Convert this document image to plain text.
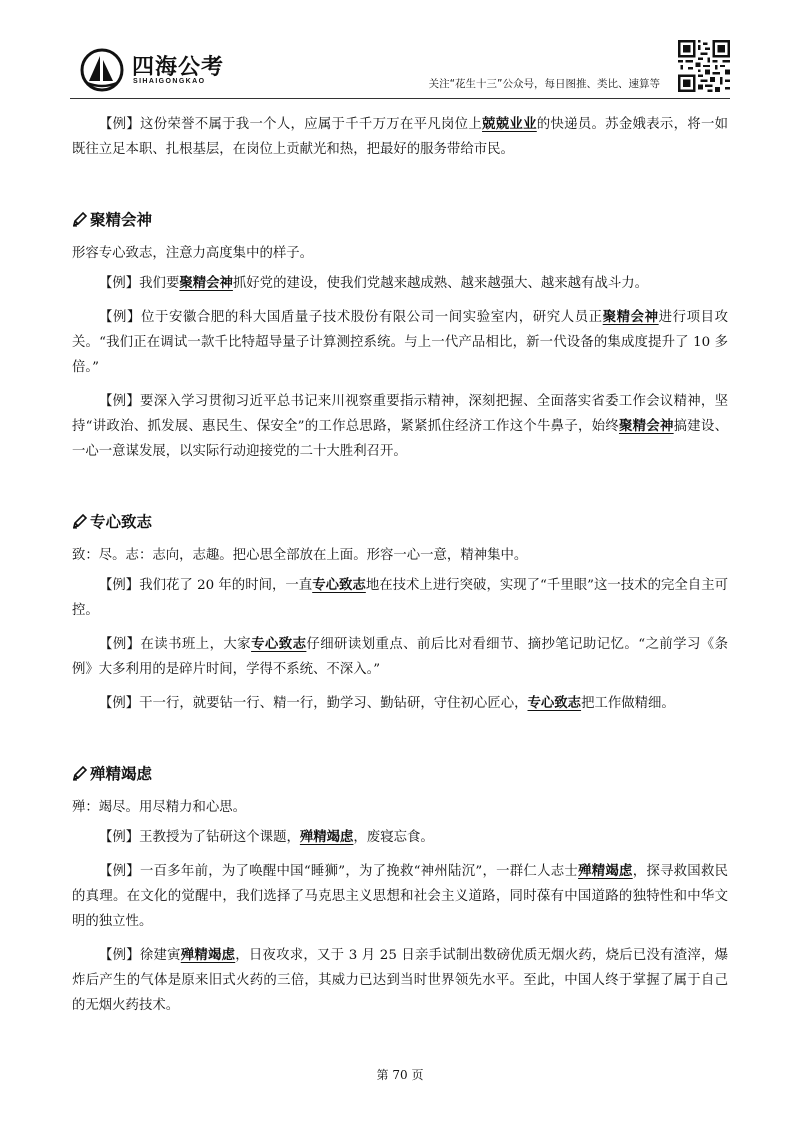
四海公考
SIHAIGONGKAO	关注“花生十三”公众号，每日图推、类比、速算等

【例】这份荣誉不属于我一个人，应属于千千万万在平凡岗位上兢兢业业的快递员。苏金娥表示，将一如既往立足本职、扎根基层，在岗位上贡献光和热，把最好的服务带给市民。

聚精会神

形容专心致志，注意力高度集中的样子。

【例】我们要聚精会神抓好党的建设，使我们党越来越成熟、越来越强大、越来越有战斗力。

【例】位于安徽合肥的科大国盾量子技术股份有限公司一间实验室内，研究人员正聚精会神进行项目攻关。“我们正在调试一款千比特超导量子计算测控系统。与上一代产品相比，新一代设备的集成度提升了 10 多倍。”

【例】要深入学习贯彻习近平总书记来川视察重要指示精神，深刻把握、全面落实省委工作会议精神，坚持“讲政治、抓发展、惠民生、保安全”的工作总思路，紧紧抓住经济工作这个牛鼻子，始终聚精会神搞建设、一心一意谋发展，以实际行动迎接党的二十大胜利召开。

专心致志

致：尽。志：志向，志趣。把心思全部放在上面。形容一心一意，精神集中。

【例】我们花了 20 年的时间，一直专心致志地在技术上进行突破，实现了“千里眼”这一技术的完全自主可控。

【例】在读书班上，大家专心致志仔细研读划重点、前后比对看细节、摘抄笔记助记忆。“之前学习《条例》大多利用的是碎片时间，学得不系统、不深入。”

【例】干一行，就要钻一行、精一行，勤学习、勤钻研，守住初心匠心，专心致志把工作做精细。

殚精竭虑

殚：竭尽。用尽精力和心思。

【例】王教授为了钻研这个课题，殚精竭虑，废寝忘食。

【例】一百多年前，为了唤醒中国“睡狮”，为了挽救“神州陆沉”，一群仁人志士殚精竭虑，探寻救国救民的真理。在文化的觉醒中，我们选择了马克思主义思想和社会主义道路，同时葆有中国道路的独特性和中华文明的独立性。

【例】徐建寅殚精竭虑，日夜攻求，又于 3 月 25 日亲手试制出数磅优质无烟火药，烧后已没有渣滓，爆炸后产生的气体是原来旧式火药的三倍，其威力已达到当时世界领先水平。至此，中国人终于掌握了属于自己的无烟火药技术。

第 70 页
